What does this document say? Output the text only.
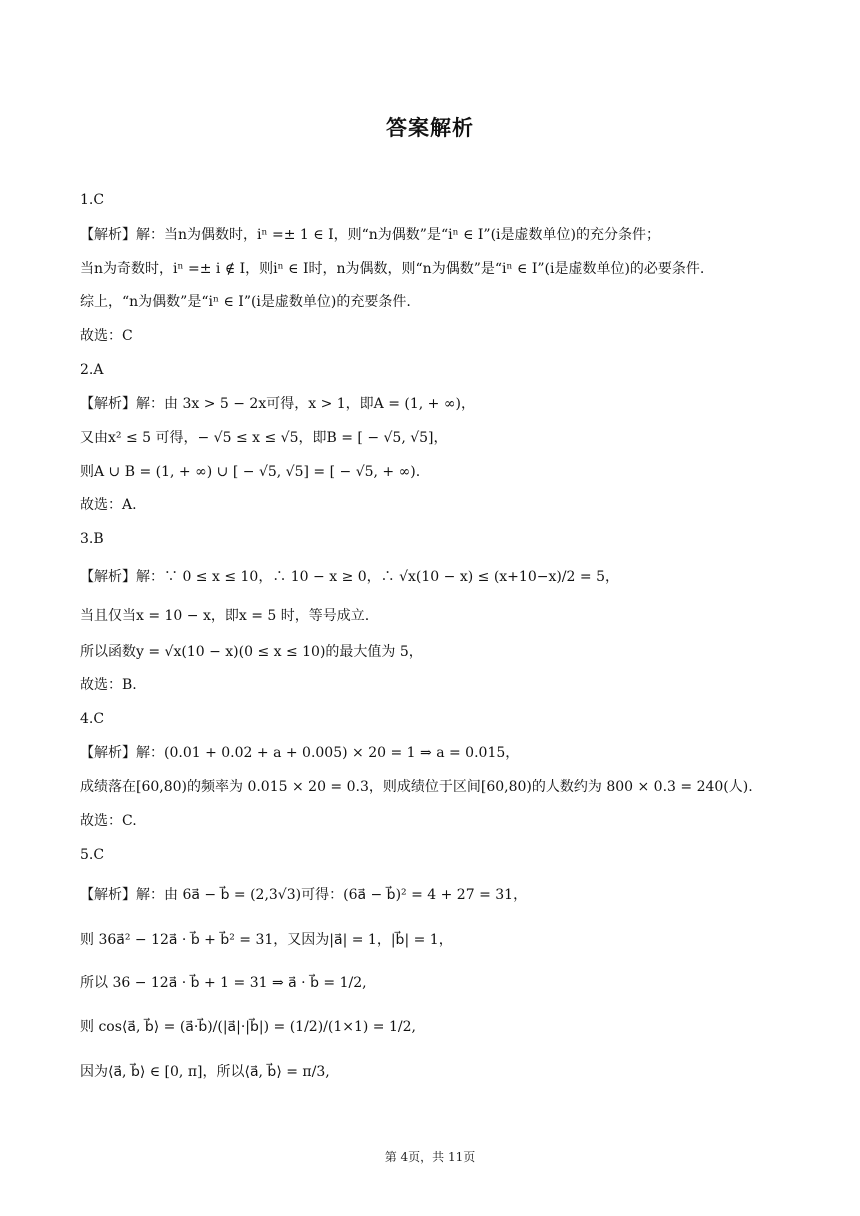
答案解析
1.C
【解析】解：当n为偶数时，iⁿ =± 1 ∈ I，则“n为偶数”是“iⁿ ∈ I”(i是虚数单位)的充分条件；
当n为奇数时，iⁿ =± i ∉ I，则iⁿ ∈ I时，n为偶数，则“n为偶数”是“iⁿ ∈ I”(i是虚数单位)的必要条件.
综上，“n为偶数”是“iⁿ ∈ I”(i是虚数单位)的充要条件.
故选：C
2.A
【解析】解：由 3x > 5 − 2x可得，x > 1，即A = (1, + ∞)，
又由x² ≤ 5 可得，− √5 ≤ x ≤ √5，即B = [ − √5, √5]，
则A ∪ B = (1, + ∞) ∪ [ − √5, √5] = [ − √5, + ∞).
故选：A.
3.B
【解析】解：∵ 0 ≤ x ≤ 10，∴ 10 − x ≥ 0，∴ √x(10 − x) ≤ (x+10−x)/2 = 5，
当且仅当x = 10 − x，即x = 5 时，等号成立.
所以函数y = √x(10 − x)(0 ≤ x ≤ 10)的最大值为 5，
故选：B.
4.C
【解析】解：(0.01 + 0.02 + a + 0.005) × 20 = 1 ⇒ a = 0.015，
成绩落在[60,80)的频率为 0.015 × 20 = 0.3，则成绩位于区间[60,80)的人数约为 800 × 0.3 = 240(人).
故选：C.
5.C
【解析】解：由 6a⃗ − b⃗ = (2,3√3)可得：(6a⃗ − b⃗)² = 4 + 27 = 31，
则 36a⃗² − 12a⃗ · b⃗ + b⃗² = 31，又因为|a⃗| = 1，|b⃗| = 1，
所以 36 − 12a⃗ · b⃗ + 1 = 31 ⇒ a⃗ · b⃗ = 1/2,
则 cos⟨a⃗, b⃗⟩ = (a⃗·b⃗)/(|a⃗|·|b⃗|) = (1/2)/(1×1) = 1/2,
因为⟨a⃗, b⃗⟩ ∈ [0, π]，所以⟨a⃗, b⃗⟩ = π/3,
第 4页，共 11页
